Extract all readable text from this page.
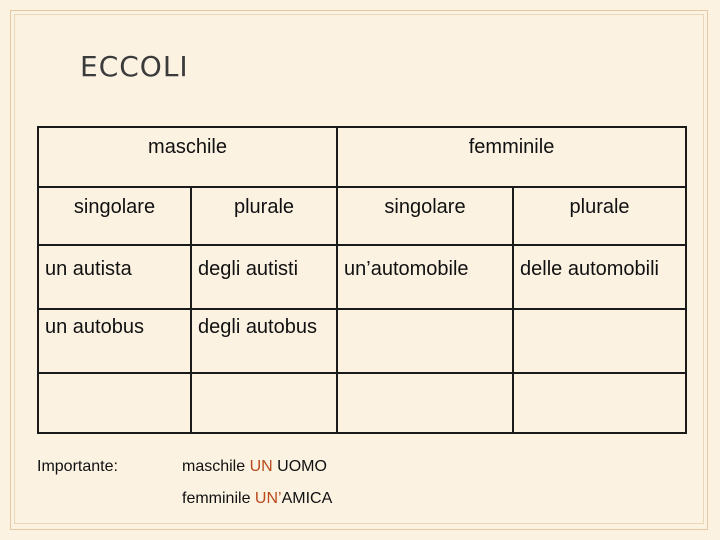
ECCOLI
maschile		femminile	

singolare	plurale	singolare	plurale

un autista	degli autisti	un’automobile	delle automobili

un autobus	degli autobus		

Importante:	maschile UN UOMO
femminile UN’AMICA
